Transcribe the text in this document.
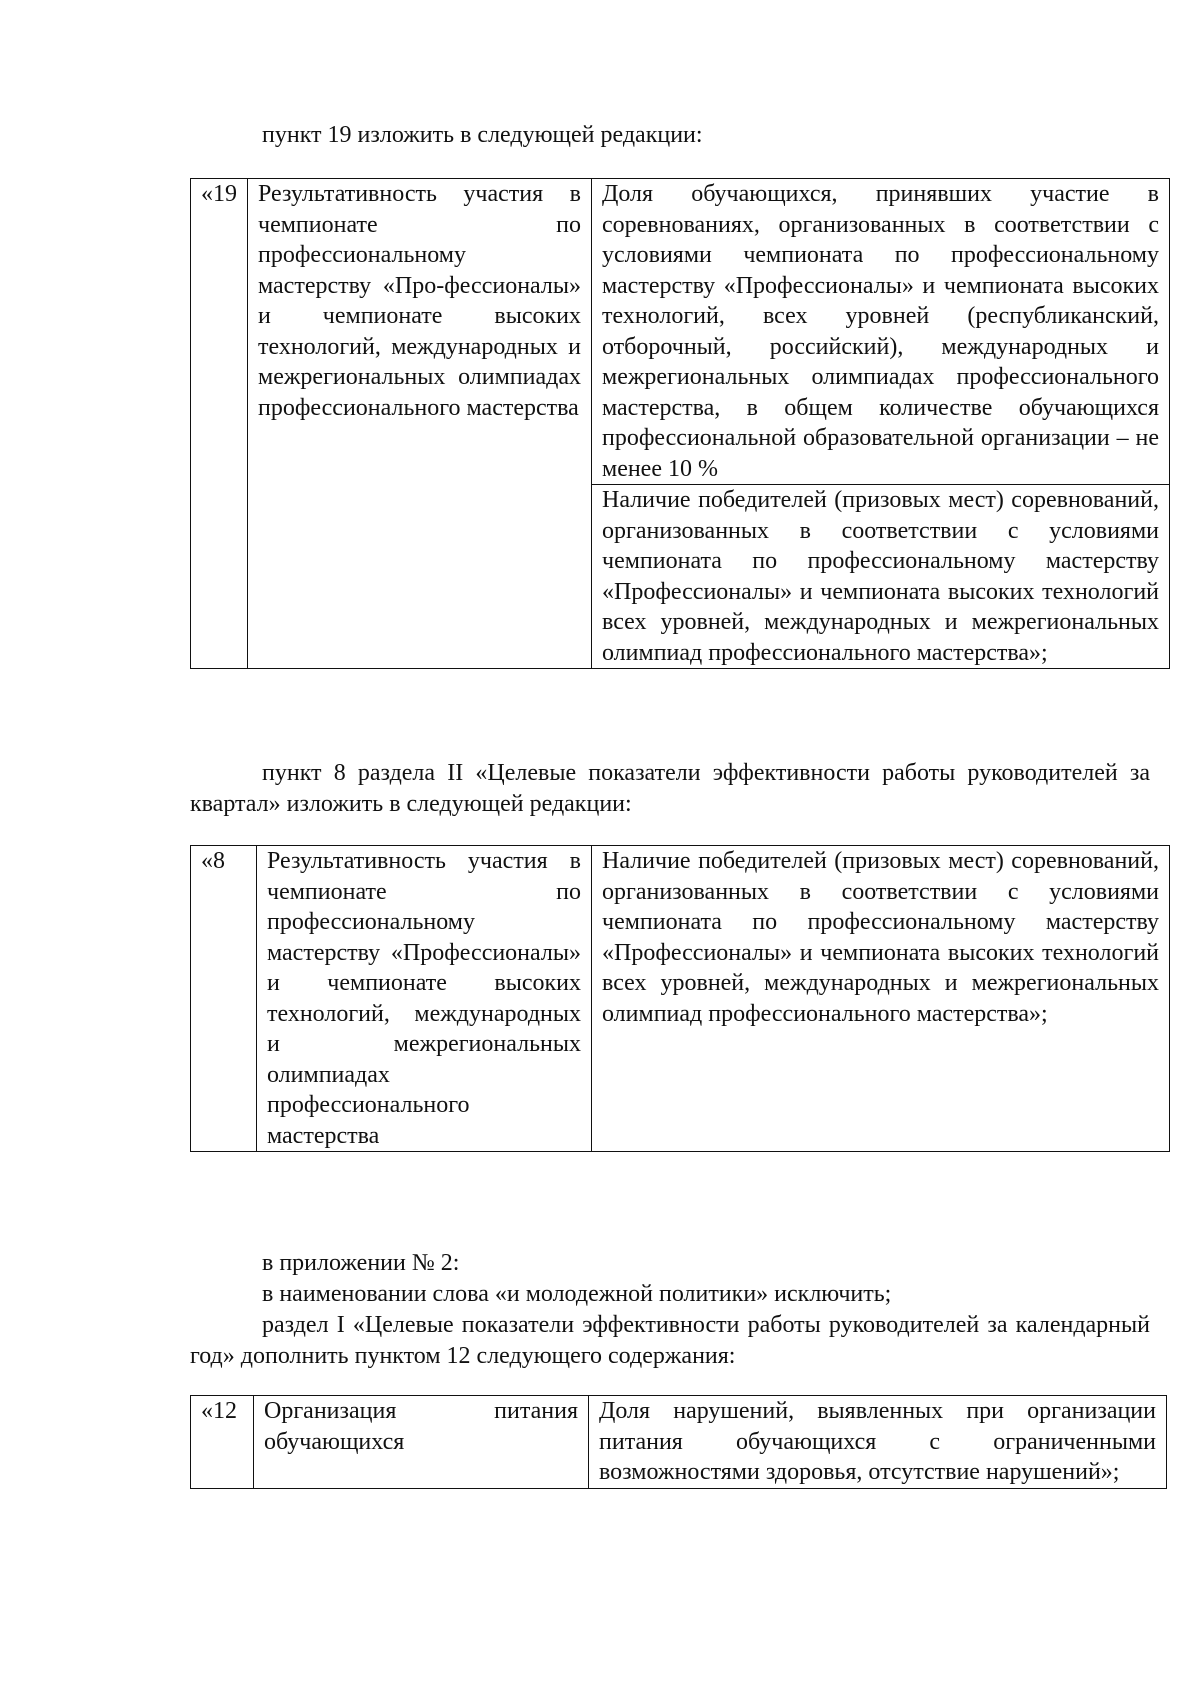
пункт 19 изложить в следующей редакции:
«19	Результативность участия в чемпионате по профессиональному мастерству «Про-фессионалы» и чемпионате высоких технологий, международных и межрегиональных олимпиадах профессионального мастерства	Доля обучающихся, принявших участие в соревнованиях, организованных в соответствии с условиями чемпионата по профессиональному мастерству «Профессионалы» и чемпионата высоких технологий, всех уровней (республиканский, отборочный, российский), международных и межрегиональных олимпиадах профессионального мастерства, в общем количестве обучающихся профессиональной образовательной организации – не менее 10 %
Наличие победителей (призовых мест) соревнований, организованных в соответствии с условиями чемпионата по профессиональному мастерству «Профессионалы» и чемпионата высоких технологий всех уровней, международных и межрегиональных олимпиад профессионального мастерства»;
пункт 8 раздела II «Целевые показатели эффективности работы руководителей за квартал» изложить в следующей редакции:
«8	Результативность участия в чемпионате по профессиональному мастерству «Профессионалы» и чемпионате высоких технологий, международных и межрегиональных олимпиадах профессионального мастерства	Наличие победителей (призовых мест) соревнований, организованных в соответствии с условиями чемпионата по профессиональному мастерству «Профессионалы» и чемпионата высоких технологий всех уровней, международных и межрегиональных олимпиад профессионального мастерства»;
в приложении № 2:
в наименовании слова «и молодежной политики» исключить;
раздел I «Целевые показатели эффективности работы руководителей за календарный год» дополнить пунктом 12 следующего содержания:
«12	Организация питания обучающихся	Доля нарушений, выявленных при организации питания обучающихся с ограниченными возможностями здоровья, отсутствие нарушений»;
